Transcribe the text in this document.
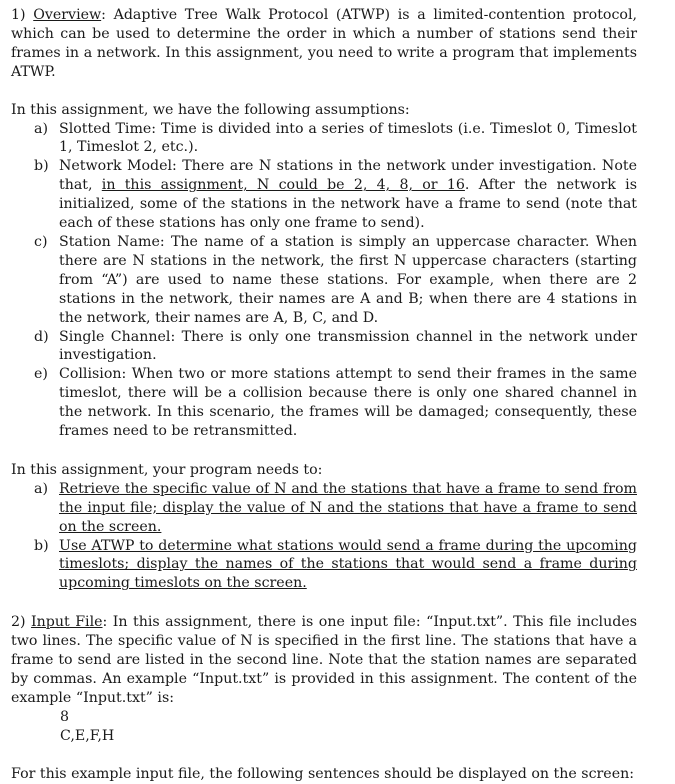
1) Overview: Adaptive Tree Walk Protocol (ATWP) is a limited-contention protocol, which can be used to determine the order in which a number of stations send their frames in a network. In this assignment, you need to write a program that implements ATWP.

In this assignment, we have the following assumptions:

a) Slotted Time: Time is divided into a series of timeslots (i.e. Timeslot 0, Timeslot 1, Timeslot 2, etc.).
b) Network Model: There are N stations in the network under investigation. Note that, in this assignment, N could be 2, 4, 8, or 16. After the network is initialized, some of the stations in the network have a frame to send (note that each of these stations has only one frame to send).
c) Station Name: The name of a station is simply an uppercase character. When there are N stations in the network, the first N uppercase characters (starting from “A”) are used to name these stations. For example, when there are 2 stations in the network, their names are A and B; when there are 4 stations in the network, their names are A, B, C, and D.
d) Single Channel: There is only one transmission channel in the network under investigation.
e) Collision: When two or more stations attempt to send their frames in the same timeslot, there will be a collision because there is only one shared channel in the network. In this scenario, the frames will be damaged; consequently, these frames need to be retransmitted.

In this assignment, your program needs to:

a) Retrieve the specific value of N and the stations that have a frame to send from the input file; display the value of N and the stations that have a frame to send on the screen.
b) Use ATWP to determine what stations would send a frame during the upcoming timeslots; display the names of the stations that would send a frame during upcoming timeslots on the screen.

2) Input File: In this assignment, there is one input file: “Input.txt”. This file includes two lines. The specific value of N is specified in the first line. The stations that have a frame to send are listed in the second line. Note that the station names are separated by commas. An example “Input.txt” is provided in this assignment. The content of the example “Input.txt” is:

8
C,E,F,H

For this example input file, the following sentences should be displayed on the screen:
